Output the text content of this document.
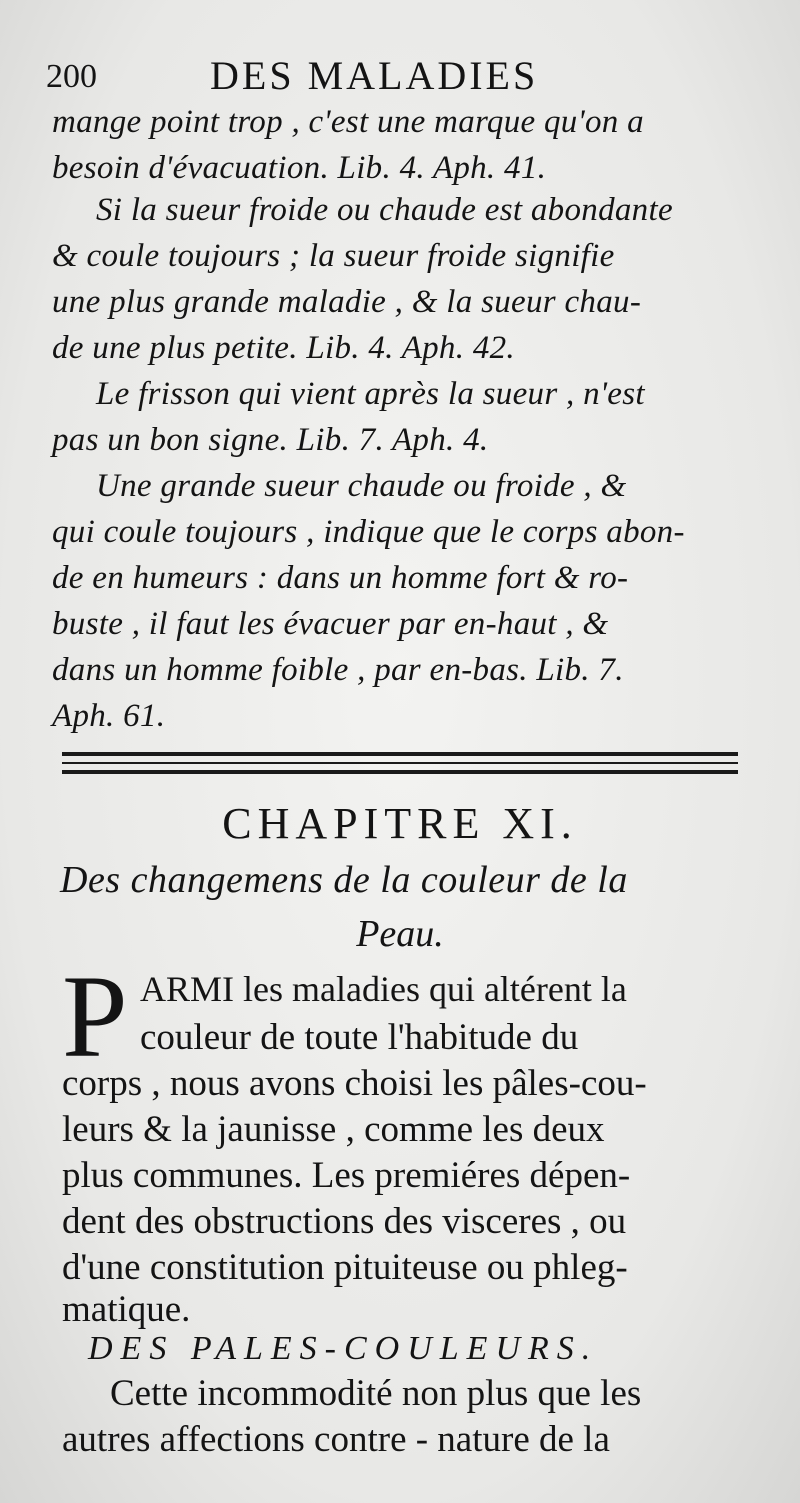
200	DES MALADIES
mange point trop , c'est une marque qu'on a
besoin d'évacuation. Lib. 4. Aph. 41.
Si la sueur froide ou chaude est abondante
& coule toujours ; la sueur froide signifie
une plus grande maladie , & la sueur chau-
de une plus petite. Lib. 4. Aph. 42.
Le frisson qui vient après la sueur , n'est
pas un bon signe. Lib. 7. Aph. 4.
Une grande sueur chaude ou froide , &
qui coule toujours , indique que le corps abon-
de en humeurs : dans un homme fort & ro-
buste , il faut les évacuer par en-haut , &
dans un homme foible , par en-bas. Lib. 7.
Aph. 61.
CHAPITRE XI.
Des changemens de la couleur de la
Peau.
P ARMI les maladies qui altérent la
couleur de toute l'habitude du
corps , nous avons choisi les pâles-cou-
leurs & la jaunisse , comme les deux
plus communes. Les premiéres dépen-
dent des obstructions des visceres , ou
d'une constitution pituiteuse ou phleg-
matique.
DES PALES-COULEURS.
Cette incommodité non plus que les
autres affections contre - nature de la
